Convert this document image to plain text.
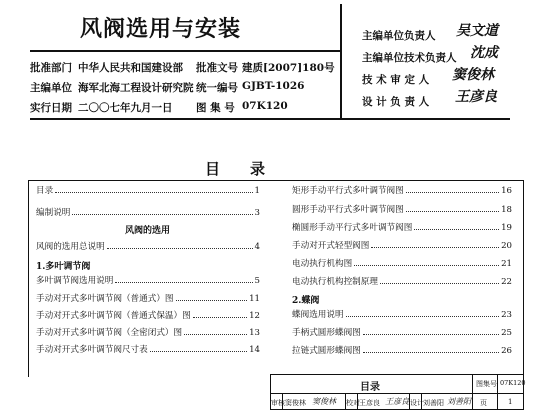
风阀选用与安装
批准部门 中华人民共和国建设部
主编单位 海军北海工程设计研究院
实行日期 二〇〇七年九月一日
批准文号 建质[2007]180号
统一编号 GJBT-1026
图 集 号 07K120
主编单位负责人 吴文道
主编单位技术负责人 沈成
技 术 审 定 人 窦俊林
设 计 负 责 人 王彦良
目　　录
目录	1
编制说明	3
风阀的选用
风阀的选用总说明	4
1.多叶调节阀
多叶调节阀选用说明	5
手动对开式多叶调节阀（普通式）图	11
手动对开式多叶调节阀（普通式保温）图	12
手动对开式多叶调节阀（全密闭式）图	13
手动对开式多叶调节阀尺寸表	14
矩形手动平行式多叶调节阀图	16
圆形手动平行式多叶调节阀图	18
椭圆形手动平行式多叶调节阀图	19
手动对开式轻型阀图	20
电动执行机构图	21
电动执行机构控制原理	22
2.蝶阀
蝶阀选用说明	23
手柄式圆形蝶阀图	25
拉链式圆形蝶阀图	26
目录	图集号 07K120
审核 窦俊林 窦俊林 校对 王彦良 王彦良 设计 刘善阳 刘善阳 页	1
